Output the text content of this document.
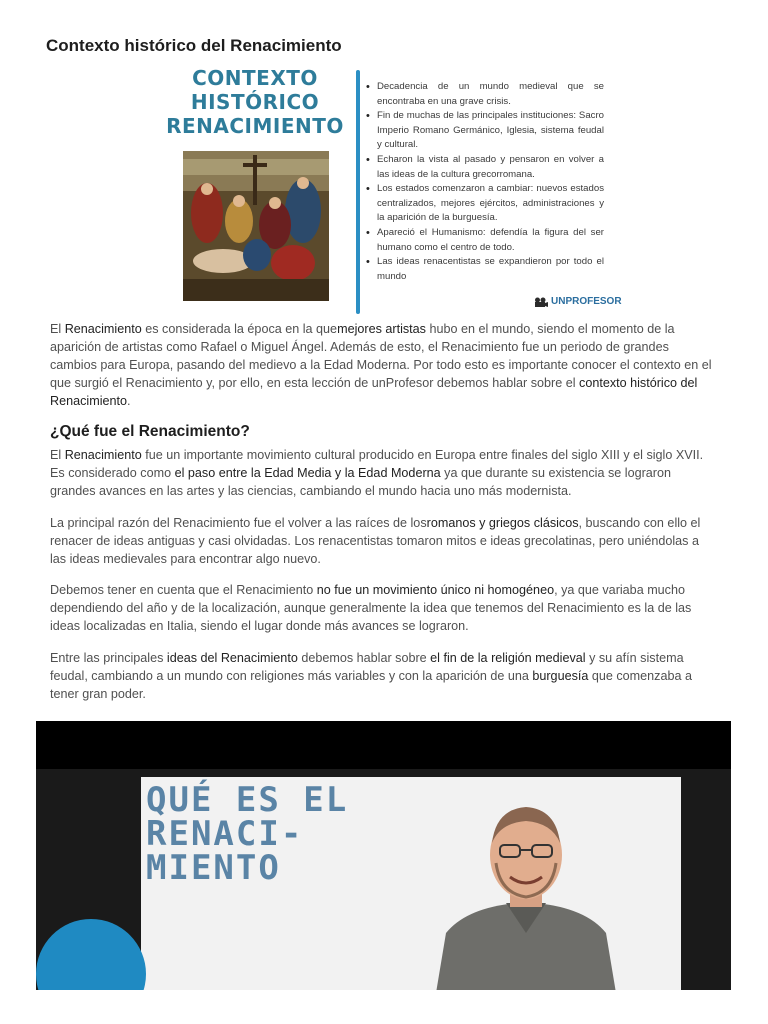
Contexto histórico del Renacimiento
CONTEXTO
HISTÓRICO
RENACIMIENTO
• Decadencia de un mundo medieval que se encontraba en una grave crisis.
• Fin de muchas de las principales instituciones: Sacro Imperio Romano Germánico, Iglesia, sistema feudal y cultural.
• Echaron la vista al pasado y pensaron en volver a las ideas de la cultura grecorromana.
• Los estados comenzaron a cambiar: nuevos estados centralizados, mejores ejércitos, administraciones y la aparición de la burguesía.
• Apareció el Humanismo: defendía la figura del ser humano como el centro de todo.
• Las ideas renacentistas se expandieron por todo el mundo
UNPROFESOR

El Renacimiento es considerada la época en la quemejores artistas hubo en el mundo, siendo el momento de la aparición de artistas como Rafael o Miguel Ángel. Además de esto, el Renacimiento fue un periodo de grandes cambios para Europa, pasando del medievo a la Edad Moderna. Por todo esto es importante conocer el contexto en el que surgió el Renacimiento y, por ello, en esta lección de unProfesor debemos hablar sobre el contexto histórico del Renacimiento.

¿Qué fue el Renacimiento?

El Renacimiento fue un importante movimiento cultural producido en Europa entre finales del siglo XIII y el siglo XVII. Es considerado como el paso entre la Edad Media y la Edad Moderna ya que durante su existencia se lograron grandes avances en las artes y las ciencias, cambiando el mundo hacia uno más modernista.

La principal razón del Renacimiento fue el volver a las raíces de losromanos y griegos clásicos, buscando con ello el renacer de ideas antiguas y casi olvidadas. Los renacentistas tomaron mitos e ideas grecolatinas, pero uniéndolas a las ideas medievales para encontrar algo nuevo.

Debemos tener en cuenta que el Renacimiento no fue un movimiento único ni homogéneo, ya que variaba mucho dependiendo del año y de la localización, aunque generalmente la idea que tenemos del Renacimiento es la de las ideas localizadas en Italia, siendo el lugar donde más avances se lograron.

Entre las principales ideas del Renacimiento debemos hablar sobre el fin de la religión medieval y su afín sistema feudal, cambiando a un mundo con religiones más variables y con la aparición de una burguesía que comenzaba a tener gran poder.

QUÉ ES EL
RENACI-
MIENTO
